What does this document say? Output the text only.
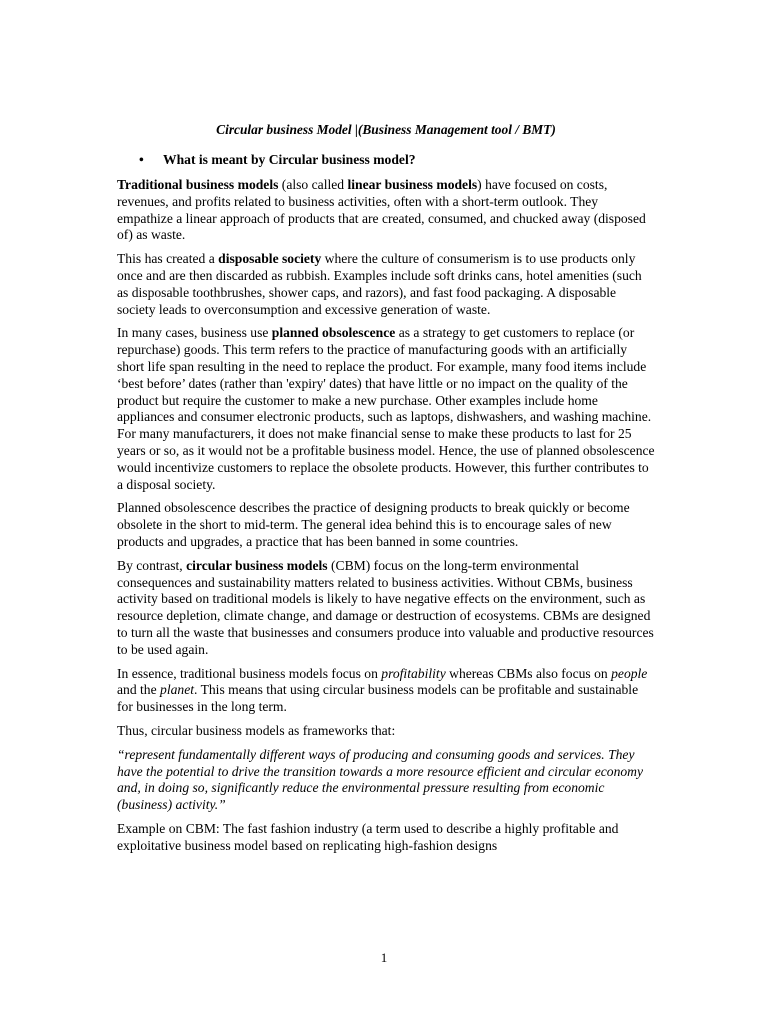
Circular business Model |(Business Management tool / BMT)
•	What is meant by Circular business model?

Traditional business models (also called linear business models) have focused on costs, revenues, and profits related to business activities, often with a short-term outlook. They empathize a linear approach of products that are created, consumed, and chucked away (disposed of) as waste.

This has created a disposable society where the culture of consumerism is to use products only once and are then discarded as rubbish. Examples include soft drinks cans, hotel amenities (such as disposable toothbrushes, shower caps, and razors), and fast food packaging. A disposable society leads to overconsumption and excessive generation of waste.

In many cases, business use planned obsolescence as a strategy to get customers to replace (or repurchase) goods. This term refers to the practice of manufacturing goods with an artificially short life span resulting in the need to replace the product. For example, many food items include ‘best before’ dates (rather than 'expiry' dates) that have little or no impact on the quality of the product but require the customer to make a new purchase. Other examples include home appliances and consumer electronic products, such as laptops, dishwashers, and washing machine. For many manufacturers, it does not make financial sense to make these products to last for 25 years or so, as it would not be a profitable business model. Hence, the use of planned obsolescence would incentivize customers to replace the obsolete products. However, this further contributes to a disposal society.

Planned obsolescence describes the practice of designing products to break quickly or become obsolete in the short to mid-term. The general idea behind this is to encourage sales of new products and upgrades, a practice that has been banned in some countries.

By contrast, circular business models (CBM) focus on the long-term environmental consequences and sustainability matters related to business activities. Without CBMs, business activity based on traditional models is likely to have negative effects on the environment, such as resource depletion, climate change, and damage or destruction of ecosystems. CBMs are designed to turn all the waste that businesses and consumers produce into valuable and productive resources to be used again.

In essence, traditional business models focus on profitability whereas CBMs also focus on people and the planet. This means that using circular business models can be profitable and sustainable for businesses in the long term.

Thus, circular business models as frameworks that:

“represent fundamentally different ways of producing and consuming goods and services. They have the potential to drive the transition towards a more resource efficient and circular economy and, in doing so, significantly reduce the environmental pressure resulting from economic (business) activity.”

Example on CBM: The fast fashion industry (a term used to describe a highly profitable and exploitative business model based on replicating high-fashion designs

1
